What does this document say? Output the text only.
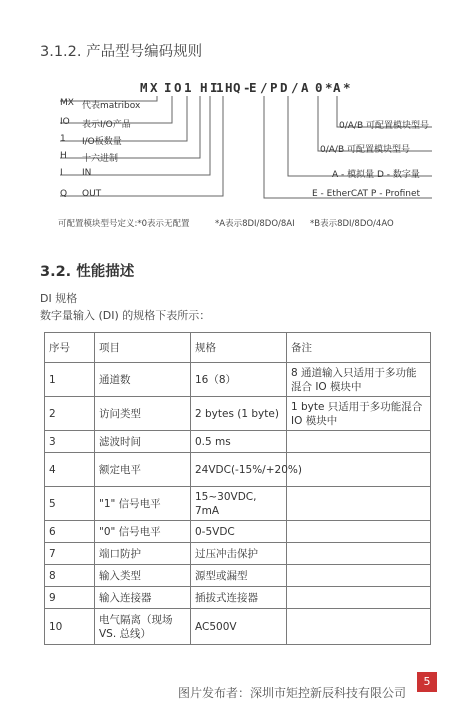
3.1.2. 产品型号编码规则
M X I O 1 H I
1 H Q -
E / P D / A 0 * A *
MX 代表matribox
IO 表示I/O产品
1 I/O板数量
H 十六进制
I IN
Q OUT
0/A/B 可配置模块型号
0/A/B 可配置模块型号
A - 模拟量 D - 数字量
E - EtherCAT P - Profinet
可配置模块型号定义:*0表示无配置	*A表示8DI/8DO/8AI *B表示8DI/8DO/4AO
3.2. 性能描述
DI 规格
数字量输入 (DI) 的规格下表所示：
序号	项目	规格	备注
1	通道数	16（8）	8 通道输入只适用于多功能混合 IO 模块中
2	访问类型	2 bytes (1 byte)	1 byte 只适用于多功能混合 IO 模块中
3	滤波时间	0.5 ms	
4	额定电平	24VDC(-15%/+20%)	
5	"1" 信号电平	15~30VDC, 7mA	
6	"0" 信号电平	0-5VDC	
7	端口防护	过压冲击保护	
8	输入类型	源型或漏型	
9	输入连接器	插拔式连接器	
10	电气隔离（现场 VS. 总线）	AC500V	
5
图片发布者：深圳市矩控新辰科技有限公司
